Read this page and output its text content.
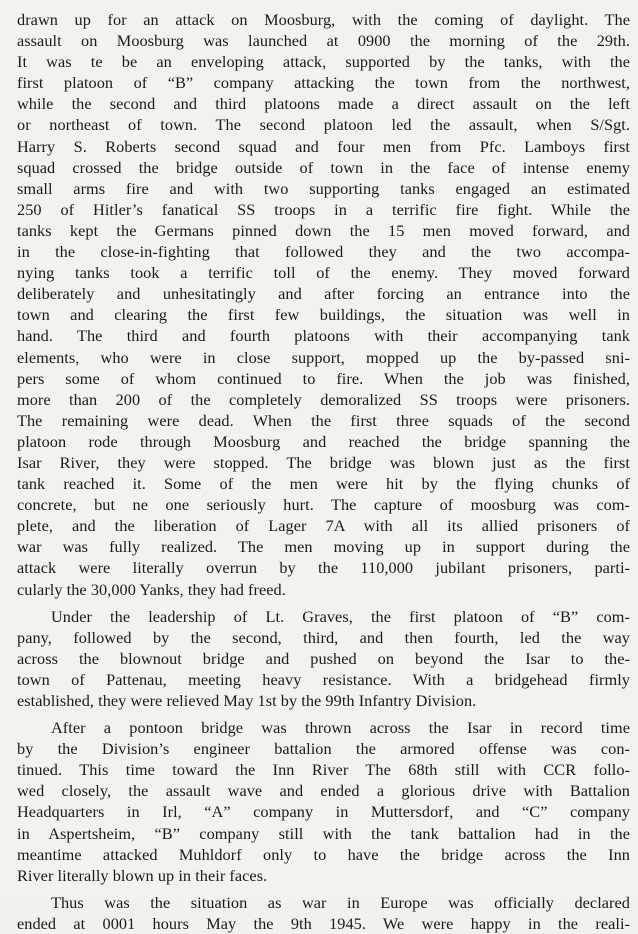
drawn up for an attack on Moosburg, with the coming of daylight. The
assault on Moosburg was launched at 0900 the morning of the 29th.
It was te be an enveloping attack, supported by the tanks, with the
first platoon of “B” company attacking the town from the northwest,
while the second and third platoons made a direct assault on the left
or northeast of town. The second platoon led the assault, when S/Sgt.
Harry S. Roberts second squad and four men from Pfc. Lamboys first
squad crossed the bridge outside of town in the face of intense enemy
small arms fire and with two supporting tanks engaged an estimated
250 of Hitler’s fanatical SS troops in a terrific fire fight. While the
tanks kept the Germans pinned down the 15 men moved forward, and
in the close-in-fighting that followed they and the two accompa-
nying tanks took a terrific toll of the enemy. They moved forward
deliberately and unhesitatingly and after forcing an entrance into the
town and clearing the first few buildings, the situation was well in
hand. The third and fourth platoons with their accompanying tank
elements, who were in close support, mopped up the by-passed sni-
pers some of whom continued to fire. When the job was finished,
more than 200 of the completely demoralized SS troops were prisoners.
The remaining were dead. When the first three squads of the second
platoon rode through Moosburg and reached the bridge spanning the
Isar River, they were stopped. The bridge was blown just as the first
tank reached it. Some of the men were hit by the flying chunks of
concrete, but ne one seriously hurt. The capture of moosburg was com-
plete, and the liberation of Lager 7A with all its allied prisoners of
war was fully realized. The men moving up in support during the
attack were literally overrun by the 110,000 jubilant prisoners, parti-
cularly the 30,000 Yanks, they had freed.
Under the leadership of Lt. Graves, the first platoon of “B” com-
pany, followed by the second, third, and then fourth, led the way
across the blownout bridge and pushed on beyond the Isar to the-
town of Pattenau, meeting heavy resistance. With a bridgehead firmly
established, they were relieved May 1st by the 99th Infantry Division.
After a pontoon bridge was thrown across the Isar in record time
by the Division’s engineer battalion the armored offense was con-
tinued. This time toward the Inn River The 68th still with CCR follo-
wed closely, the assault wave and ended a glorious drive with Battalion
Headquarters in Irl, “A” company in Muttersdorf, and “C” company
in Aspertsheim, “B” company still with the tank battalion had in the
meantime attacked Muhldorf only to have the bridge across the Inn
River literally blown up in their faces.
Thus was the situation as war in Europe was officially declared
ended at 0001 hours May the 9th 1945. We were happy in the reali-
